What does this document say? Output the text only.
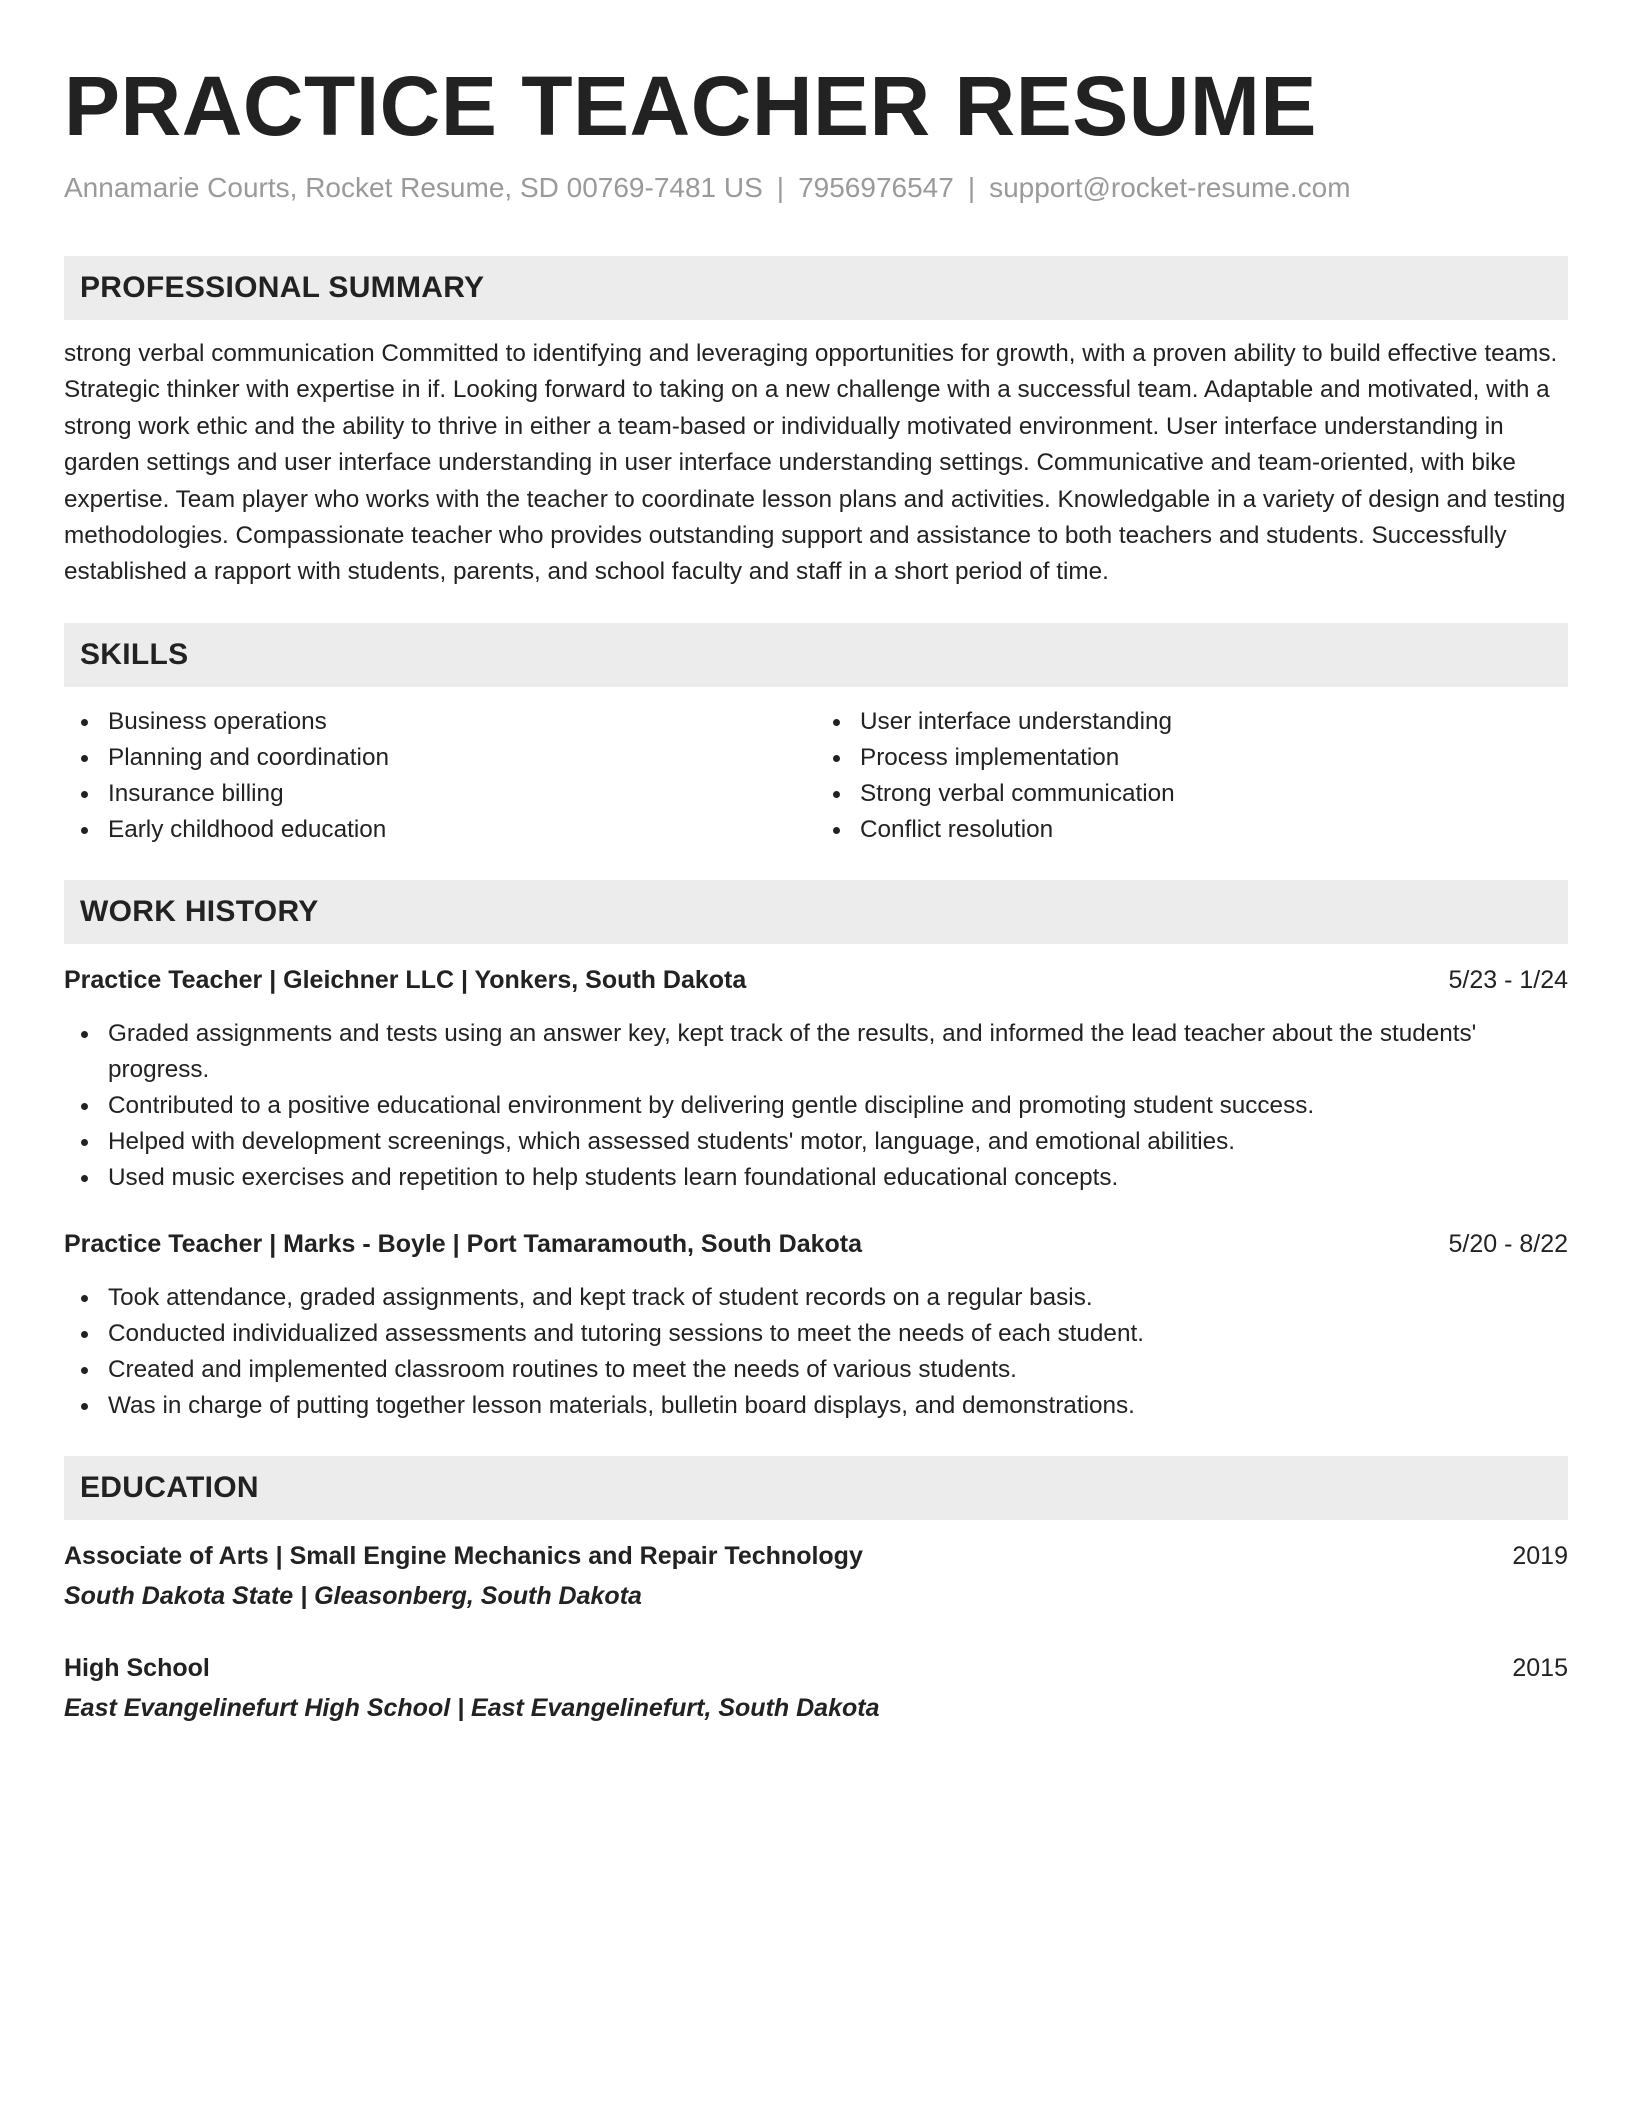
PRACTICE TEACHER RESUME
Annamarie Courts, Rocket Resume, SD 00769-7481 US | 7956976547 | support@rocket-resume.com
PROFESSIONAL SUMMARY

strong verbal communication Committed to identifying and leveraging opportunities for growth, with a proven ability to build effective teams. Strategic thinker with expertise in if. Looking forward to taking on a new challenge with a successful team. Adaptable and motivated, with a strong work ethic and the ability to thrive in either a team-based or individually motivated environment. User interface understanding in garden settings and user interface understanding in user interface understanding settings. Communicative and team-oriented, with bike expertise. Team player who works with the teacher to coordinate lesson plans and activities. Knowledgable in a variety of design and testing methodologies. Compassionate teacher who provides outstanding support and assistance to both teachers and students. Successfully established a rapport with students, parents, and school faculty and staff in a short period of time.

SKILLS
Business operations
Planning and coordination
Insurance billing
Early childhood education
User interface understanding
Process implementation
Strong verbal communication
Conflict resolution
WORK HISTORY
Practice Teacher | Gleichner LLC | Yonkers, South Dakota	5/23 - 1/24
Graded assignments and tests using an answer key, kept track of the results, and informed the lead teacher about the students' progress.
Contributed to a positive educational environment by delivering gentle discipline and promoting student success.
Helped with development screenings, which assessed students' motor, language, and emotional abilities.
Used music exercises and repetition to help students learn foundational educational concepts.
Practice Teacher | Marks - Boyle | Port Tamaramouth, South Dakota	5/20 - 8/22
Took attendance, graded assignments, and kept track of student records on a regular basis.
Conducted individualized assessments and tutoring sessions to meet the needs of each student.
Created and implemented classroom routines to meet the needs of various students.
Was in charge of putting together lesson materials, bulletin board displays, and demonstrations.
EDUCATION
Associate of Arts | Small Engine Mechanics and Repair Technology	2019
South Dakota State | Gleasonberg, South Dakota
High School	2015
East Evangelinefurt High School | East Evangelinefurt, South Dakota
